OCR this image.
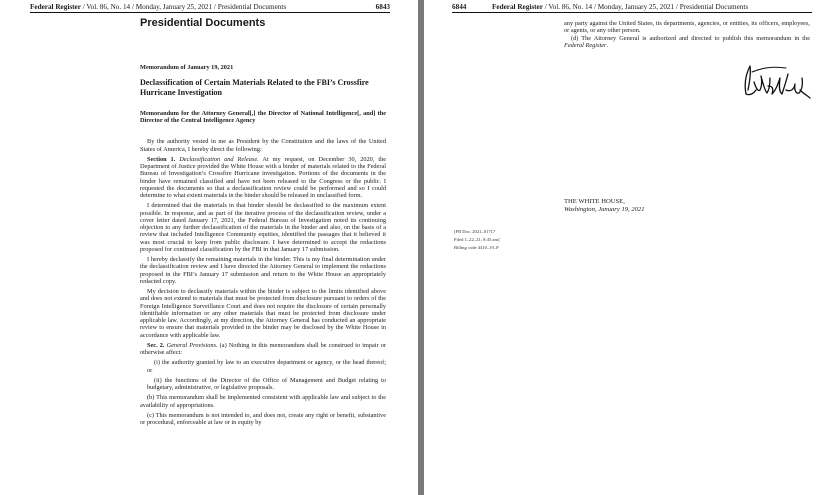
Federal Register / Vol. 86, No. 14 / Monday, January 25, 2021 / Presidential Documents	6843
Presidential Documents
Memorandum of January 19, 2021
Declassification of Certain Materials Related to the FBI’s Crossfire Hurricane Investigation
Memorandum for the Attorney General[,] the Director of National Intelligence[, and] the Director of the Central Intelligence Agency

By the authority vested in me as President by the Constitution and the laws of the United States of America, I hereby direct the following:

Section 1. Declassification and Release. At my request, on December 30, 2020, the Department of Justice provided the White House with a binder of materials related to the Federal Bureau of Investigation’s Crossfire Hurricane investigation. Portions of the documents in the binder have remained classified and have not been released to the Congress or the public. I requested the documents so that a declassification review could be performed and so I could determine to what extent materials in the binder should be released in unclassified form.

I determined that the materials in that binder should be declassified to the maximum extent possible. In response, and as part of the iterative process of the declassification review, under a cover letter dated January 17, 2021, the Federal Bureau of Investigation noted its continuing objection to any further declassification of the materials in the binder and also, on the basis of a review that included Intelligence Community equities, identified the passages that it believed it was most crucial to keep from public disclosure. I have determined to accept the redactions proposed for continued classification by the FBI in that January 17 submission.

I hereby declassify the remaining materials in the binder. This is my final determination under the declassification review and I have directed the Attorney General to implement the redactions proposed in the FBI’s January 17 submission and return to the White House an appropriately redacted copy.

My decision to declassify materials within the binder is subject to the limits identified above and does not extend to materials that must be protected from disclosure pursuant to orders of the Foreign Intelligence Surveillance Court and does not require the disclosure of certain personally identifiable information or any other materials that must be protected from disclosure under applicable law. Accordingly, at my direction, the Attorney General has conducted an appropriate review to ensure that materials provided in the binder may be disclosed by the White House in accordance with applicable law.

Sec. 2. General Provisions. (a) Nothing in this memorandum shall be construed to impair or otherwise affect:

(i) the authority granted by law to an executive department or agency, or the head thereof; or

(ii) the functions of the Director of the Office of Management and Budget relating to budgetary, administrative, or legislative proposals.

(b) This memorandum shall be implemented consistent with applicable law and subject to the availability of appropriations.

(c) This memorandum is not intended to, and does not, create any right or benefit, substantive or procedural, enforceable at law or in equity by

6844	Federal Register / Vol. 86, No. 14 / Monday, January 25, 2021 / Presidential Documents

any party against the United States, its departments, agencies, or entities, its officers, employees, or agents, or any other person.

(d) The Attorney General is authorized and directed to publish this memorandum in the Federal Register.

THE WHITE HOUSE,
Washington, January 19, 2021
[FR Doc. 2021–01717
Filed 1–22–21; 8:45 am]
Billing code 4410–19–P
